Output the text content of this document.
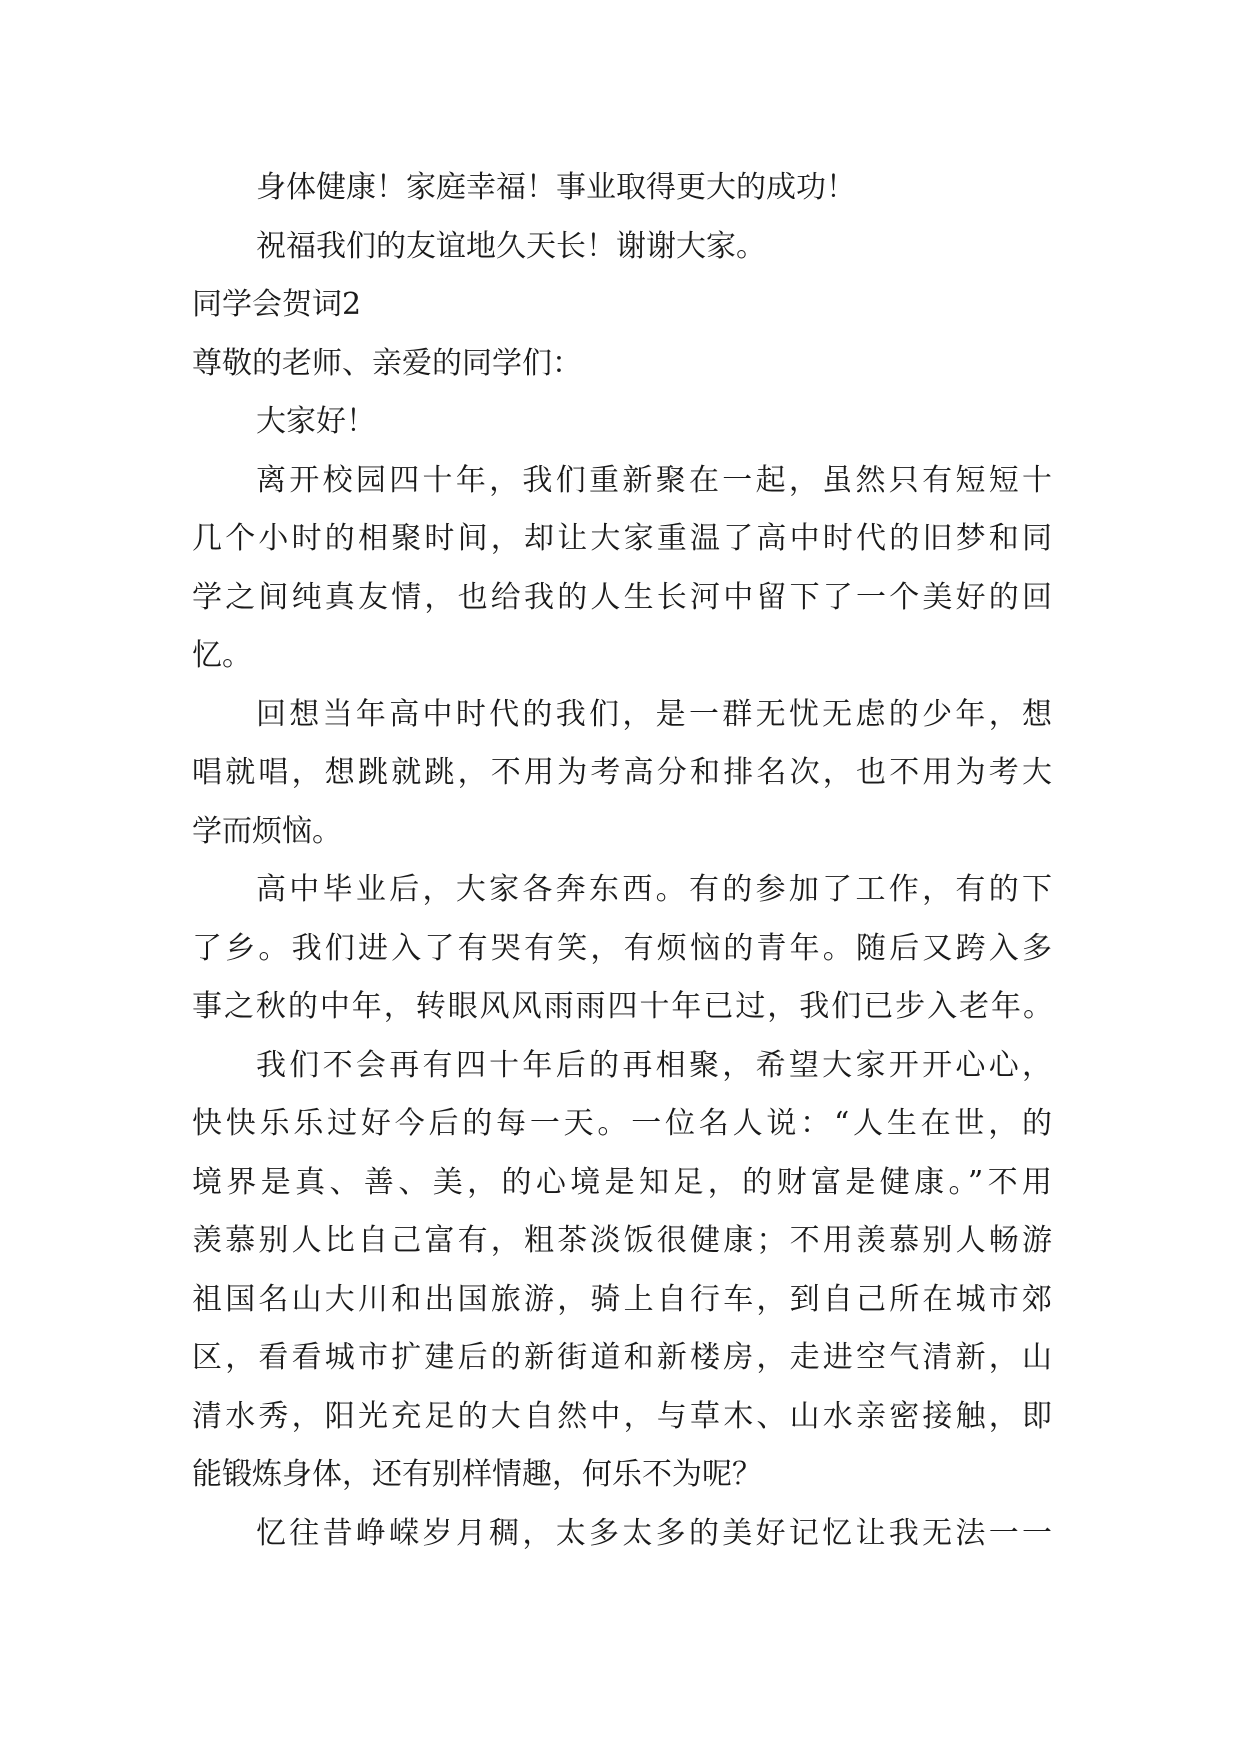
身体健康！家庭幸福！事业取得更大的成功！

祝福我们的友谊地久天长！谢谢大家。

同学会贺词2

尊敬的老师、亲爱的同学们：

大家好！

离开校园四十年，我们重新聚在一起，虽然只有短短十

几个小时的相聚时间，却让大家重温了高中时代的旧梦和同

学之间纯真友情，也给我的人生长河中留下了一个美好的回

忆。

回想当年高中时代的我们，是一群无忧无虑的少年，想

唱就唱，想跳就跳，不用为考高分和排名次，也不用为考大

学而烦恼。

高中毕业后，大家各奔东西。有的参加了工作，有的下

了乡。我们进入了有哭有笑，有烦恼的青年。随后又跨入多

事之秋的中年，转眼风风雨雨四十年已过，我们已步入老年。

我们不会再有四十年后的再相聚，希望大家开开心心，

快快乐乐过好今后的每一天。一位名人说：“人生在世，的

境界是真、善、美，的心境是知足，的财富是健康。”不用

羡慕别人比自己富有，粗茶淡饭很健康；不用羡慕别人畅游

祖国名山大川和出国旅游，骑上自行车，到自己所在城市郊

区，看看城市扩建后的新街道和新楼房，走进空气清新，山

清水秀，阳光充足的大自然中，与草木、山水亲密接触，即

能锻炼身体，还有别样情趣，何乐不为呢？

忆往昔峥嵘岁月稠，太多太多的美好记忆让我无法一一
